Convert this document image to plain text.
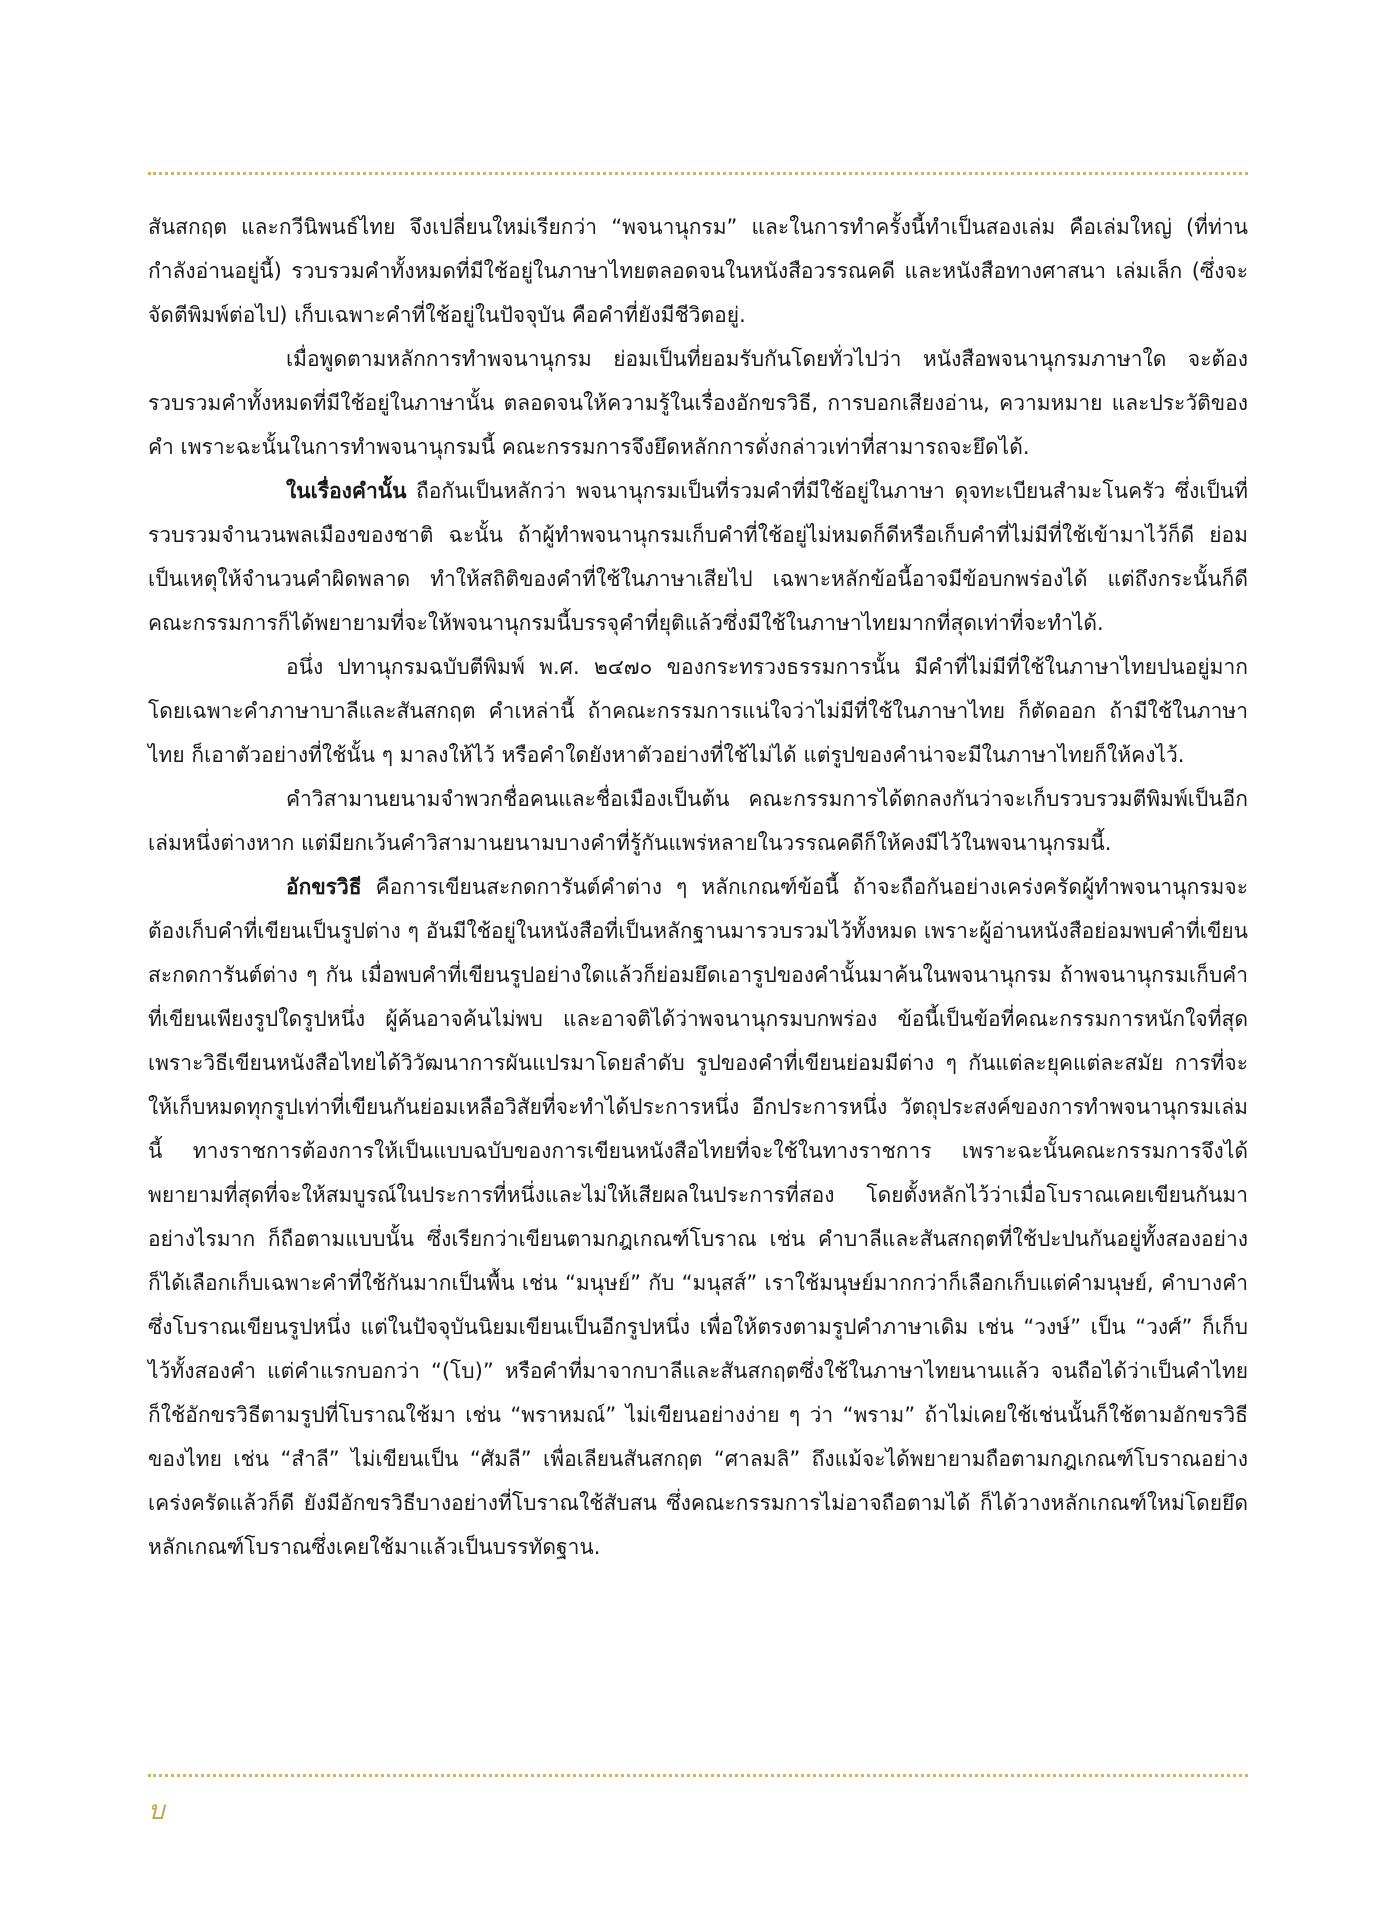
สันสกฤต และกวีนิพนธ์ไทย จึงเปลี่ยนใหม่เรียกว่า “พจนานุกรม” และในการทำครั้งนี้ทำเป็นสองเล่ม คือเล่มใหญ่ (ที่ท่านกำลังอ่านอยู่นี้) รวบรวมคำทั้งหมดที่มีใช้อยู่ในภาษาไทยตลอดจนในหนังสือวรรณคดี และหนังสือทางศาสนา เล่มเล็ก (ซึ่งจะจัดตีพิมพ์ต่อไป) เก็บเฉพาะคำที่ใช้อยู่ในปัจจุบัน คือคำที่ยังมีชีวิตอยู่.

เมื่อพูดตามหลักการทำพจนานุกรม ย่อมเป็นที่ยอมรับกันโดยทั่วไปว่า หนังสือพจนานุกรมภาษาใด จะต้องรวบรวมคำทั้งหมดที่มีใช้อยู่ในภาษานั้น ตลอดจนให้ความรู้ในเรื่องอักขรวิธี, การบอกเสียงอ่าน, ความหมาย และประวัติของคำ เพราะฉะนั้นในการทำพจนานุกรมนี้ คณะกรรมการจึงยึดหลักการดั่งกล่าวเท่าที่สามารถจะยึดได้.

ในเรื่องคำนั้น ถือกันเป็นหลักว่า พจนานุกรมเป็นที่รวมคำที่มีใช้อยู่ในภาษา ดุจทะเบียนสำมะโนครัว ซึ่งเป็นที่รวบรวมจำนวนพลเมืองของชาติ ฉะนั้น ถ้าผู้ทำพจนานุกรมเก็บคำที่ใช้อยู่ไม่หมดก็ดีหรือเก็บคำที่ไม่มีที่ใช้เข้ามาไว้ก็ดี ย่อมเป็นเหตุให้จำนวนคำผิดพลาด ทำให้สถิติของคำที่ใช้ในภาษาเสียไป เฉพาะหลักข้อนี้อาจมีข้อบกพร่องได้ แต่ถึงกระนั้นก็ดี คณะกรรมการก็ได้พยายามที่จะให้พจนานุกรมนี้บรรจุคำที่ยุติแล้วซึ่งมีใช้ในภาษาไทยมากที่สุดเท่าที่จะทำได้.

อนึ่ง ปทานุกรมฉบับตีพิมพ์ พ.ศ. ๒๔๗๐ ของกระทรวงธรรมการนั้น มีคำที่ไม่มีที่ใช้ในภาษาไทยปนอยู่มาก โดยเฉพาะคำภาษาบาลีและสันสกฤต คำเหล่านี้ ถ้าคณะกรรมการแน่ใจว่าไม่มีที่ใช้ในภาษาไทย ก็ตัดออก ถ้ามีใช้ในภาษาไทย ก็เอาตัวอย่างที่ใช้นั้น ๆ มาลงให้ไว้ หรือคำใดยังหาตัวอย่างที่ใช้ไม่ได้ แต่รูปของคำน่าจะมีในภาษาไทยก็ให้คงไว้.

คำวิสามานยนามจำพวกชื่อคนและชื่อเมืองเป็นต้น คณะกรรมการได้ตกลงกันว่าจะเก็บรวบรวมตีพิมพ์เป็นอีกเล่มหนึ่งต่างหาก แต่มียกเว้นคำวิสามานยนามบางคำที่รู้กันแพร่หลายในวรรณคดีก็ให้คงมีไว้ในพจนานุกรมนี้.

อักขรวิธี คือการเขียนสะกดการันต์คำต่าง ๆ หลักเกณฑ์ข้อนี้ ถ้าจะถือกันอย่างเคร่งครัดผู้ทำพจนานุกรมจะต้องเก็บคำที่เขียนเป็นรูปต่าง ๆ อันมีใช้อยู่ในหนังสือที่เป็นหลักฐานมารวบรวมไว้ทั้งหมด เพราะผู้อ่านหนังสือย่อมพบคำที่เขียนสะกดการันต์ต่าง ๆ กัน เมื่อพบคำที่เขียนรูปอย่างใดแล้วก็ย่อมยึดเอารูปของคำนั้นมาค้นในพจนานุกรม ถ้าพจนานุกรมเก็บคำที่เขียนเพียงรูปใดรูปหนึ่ง ผู้ค้นอาจค้นไม่พบ และอาจติได้ว่าพจนานุกรมบกพร่อง ข้อนี้เป็นข้อที่คณะกรรมการหนักใจที่สุด เพราะวิธีเขียนหนังสือไทยได้วิวัฒนาการผันแปรมาโดยลำดับ รูปของคำที่เขียนย่อมมีต่าง ๆ กันแต่ละยุคแต่ละสมัย การที่จะให้เก็บหมดทุกรูปเท่าที่เขียนกันย่อมเหลือวิสัยที่จะทำได้ประการหนึ่ง อีกประการหนึ่ง วัตถุประสงค์ของการทำพจนานุกรมเล่มนี้ ทางราชการต้องการให้เป็นแบบฉบับของการเขียนหนังสือไทยที่จะใช้ในทางราชการ เพราะฉะนั้นคณะกรรมการจึงได้พยายามที่สุดที่จะให้สมบูรณ์ในประการที่หนึ่งและไม่ให้เสียผลในประการที่สอง โดยตั้งหลักไว้ว่าเมื่อโบราณเคยเขียนกันมาอย่างไรมาก ก็ถือตามแบบนั้น ซึ่งเรียกว่าเขียนตามกฎเกณฑ์โบราณ เช่น คำบาลีและสันสกฤตที่ใช้ปะปนกันอยู่ทั้งสองอย่างก็ได้เลือกเก็บเฉพาะคำที่ใช้กันมากเป็นพื้น เช่น “มนุษย์” กับ “มนุสส์” เราใช้มนุษย์มากกว่าก็เลือกเก็บแต่คำมนุษย์, คำบางคำซึ่งโบราณเขียนรูปหนึ่ง แต่ในปัจจุบันนิยมเขียนเป็นอีกรูปหนึ่ง เพื่อให้ตรงตามรูปคำภาษาเดิม เช่น “วงษ์” เป็น “วงศ์” ก็เก็บไว้ทั้งสองคำ แต่คำแรกบอกว่า “(โบ)” หรือคำที่มาจากบาลีและสันสกฤตซึ่งใช้ในภาษาไทยนานแล้ว จนถือได้ว่าเป็นคำไทย ก็ใช้อักขรวิธีตามรูปที่โบราณใช้มา เช่น “พราหมณ์” ไม่เขียนอย่างง่าย ๆ ว่า “พราม” ถ้าไม่เคยใช้เช่นนั้นก็ใช้ตามอักขรวิธีของไทย เช่น “สำลี” ไม่เขียนเป็น “ศัมลี” เพื่อเลียนสันสกฤต “ศาลมลิ” ถึงแม้จะได้พยายามถือตามกฎเกณฑ์โบราณอย่างเคร่งครัดแล้วก็ดี ยังมีอักขรวิธีบางอย่างที่โบราณใช้สับสน ซึ่งคณะกรรมการไม่อาจถือตามได้ ก็ได้วางหลักเกณฑ์ใหม่โดยยึดหลักเกณฑ์โบราณซึ่งเคยใช้มาแล้วเป็นบรรทัดฐาน.

บ
